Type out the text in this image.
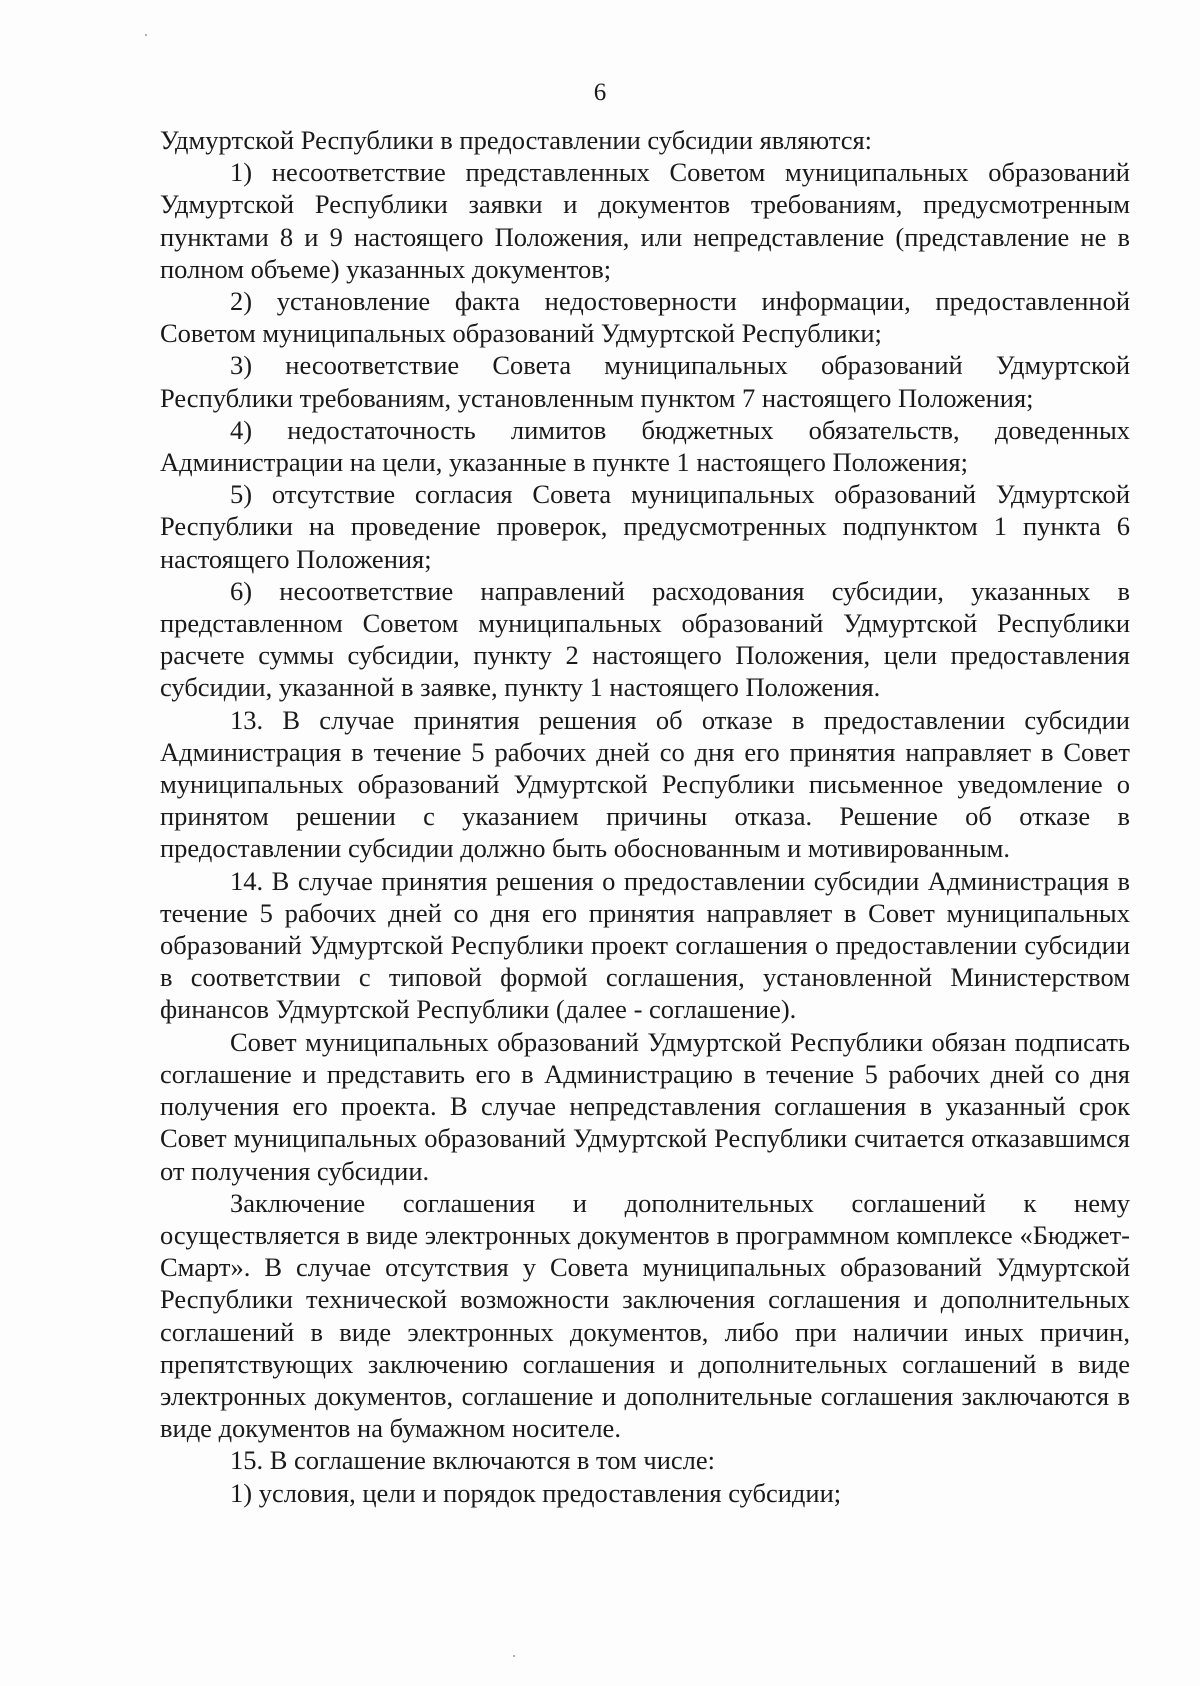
6

Удмуртской Республики в предоставлении субсидии являются:

1) несоответствие представленных Советом муниципальных образований Удмуртской Республики заявки и документов требованиям, предусмотренным пунктами 8 и 9 настоящего Положения, или непредставление (представление не в полном объеме) указанных документов;

2) установление факта недостоверности информации, предоставленной Советом муниципальных образований Удмуртской Республики;

3) несоответствие Совета муниципальных образований Удмуртской Республики требованиям, установленным пунктом 7 настоящего Положения;

4) недостаточность лимитов бюджетных обязательств, доведенных Администрации на цели, указанные в пункте 1 настоящего Положения;

5) отсутствие согласия Совета муниципальных образований Удмуртской Республики на проведение проверок, предусмотренных подпунктом 1 пункта 6 настоящего Положения;

6) несоответствие направлений расходования субсидии, указанных в представленном Советом муниципальных образований Удмуртской Республики расчете суммы субсидии, пункту 2 настоящего Положения, цели предоставления субсидии, указанной в заявке, пункту 1 настоящего Положения.

13. В случае принятия решения об отказе в предоставлении субсидии Администрация в течение 5 рабочих дней со дня его принятия направляет в Совет муниципальных образований Удмуртской Республики письменное уведомление о принятом решении с указанием причины отказа. Решение об отказе в предоставлении субсидии должно быть обоснованным и мотивированным.

14. В случае принятия решения о предоставлении субсидии Администрация в течение 5 рабочих дней со дня его принятия направляет в Совет муниципальных образований Удмуртской Республики проект соглашения о предоставлении субсидии в соответствии с типовой формой соглашения, установленной Министерством финансов Удмуртской Республики (далее - соглашение).

Совет муниципальных образований Удмуртской Республики обязан подписать соглашение и представить его в Администрацию в течение 5 рабочих дней со дня получения его проекта. В случае непредставления соглашения в указанный срок Совет муниципальных образований Удмуртской Республики считается отказавшимся от получения субсидии.

Заключение соглашения и дополнительных соглашений к нему осуществляется в виде электронных документов в программном комплексе «Бюджет-Смарт». В случае отсутствия у Совета муниципальных образований Удмуртской Республики технической возможности заключения соглашения и дополнительных соглашений в виде электронных документов, либо при наличии иных причин, препятствующих заключению соглашения и дополнительных соглашений в виде электронных документов, соглашение и дополнительные соглашения заключаются в виде документов на бумажном носителе.

15. В соглашение включаются в том числе:

1) условия, цели и порядок предоставления субсидии;
